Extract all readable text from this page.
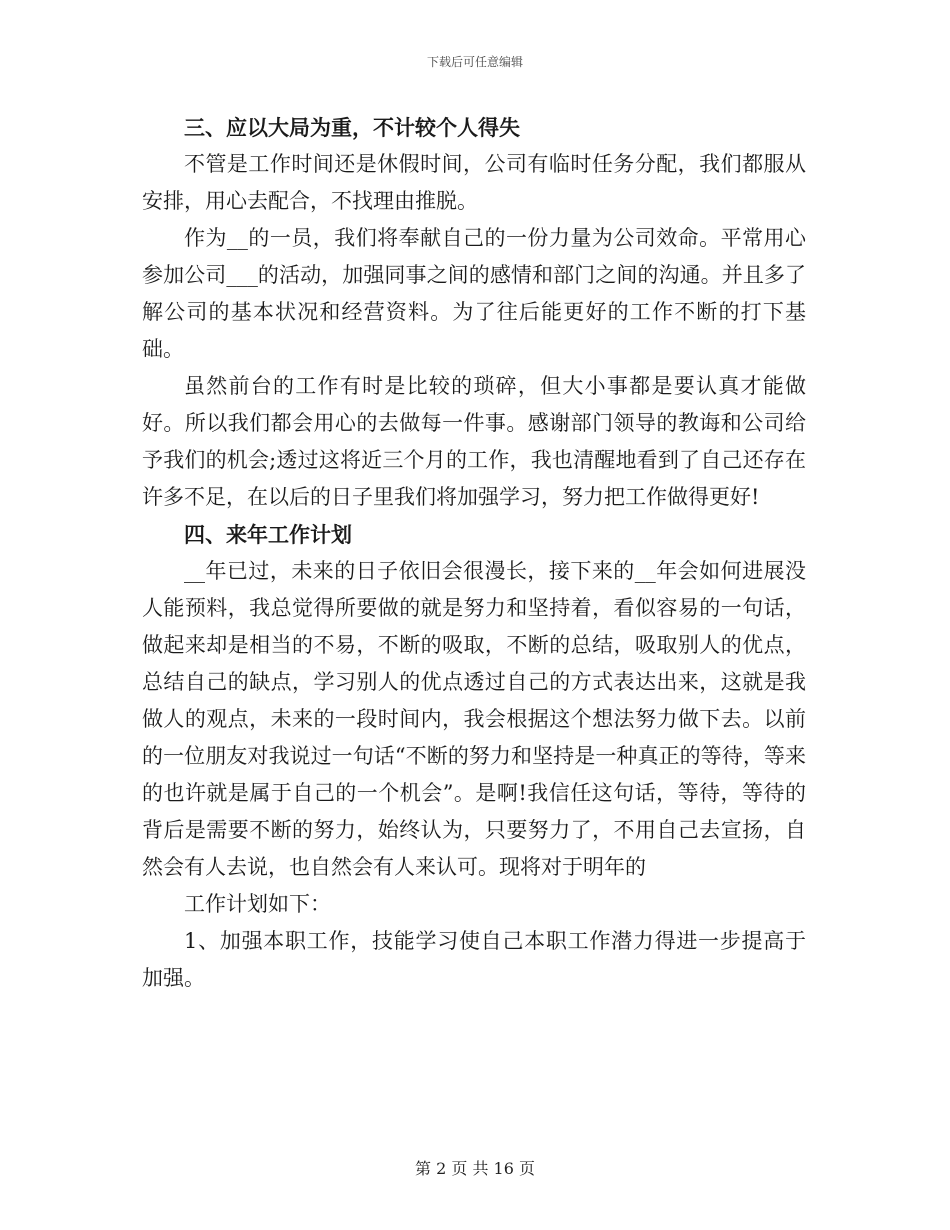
下载后可任意编辑

三、应以大局为重，不计较个人得失

不管是工作时间还是休假时间，公司有临时任务分配，我们都服从安排，用心去配合，不找理由推脱。

作为__的一员，我们将奉献自己的一份力量为公司效命。平常用心参加公司___的活动，加强同事之间的感情和部门之间的沟通。并且多了解公司的基本状况和经营资料。为了往后能更好的工作不断的打下基础。

虽然前台的工作有时是比较的琐碎，但大小事都是要认真才能做好。所以我们都会用心的去做每一件事。感谢部门领导的教诲和公司给予我们的机会;透过这将近三个月的工作，我也清醒地看到了自己还存在许多不足，在以后的日子里我们将加强学习，努力把工作做得更好!

四、来年工作计划

__年已过，未来的日子依旧会很漫长，接下来的__年会如何进展没人能预料，我总觉得所要做的就是努力和坚持着，看似容易的一句话，做起来却是相当的不易，不断的吸取，不断的总结，吸取别人的优点，总结自己的缺点，学习别人的优点透过自己的方式表达出来，这就是我做人的观点，未来的一段时间内，我会根据这个想法努力做下去。以前的一位朋友对我说过一句话“不断的努力和坚持是一种真正的等待，等来的也许就是属于自己的一个机会”。是啊!我信任这句话，等待，等待的背后是需要不断的努力，始终认为，只要努力了，不用自己去宣扬，自然会有人去说，也自然会有人来认可。现将对于明年的

工作计划如下：

1、加强本职工作，技能学习使自己本职工作潜力得进一步提高于加强。

第 2 页 共 16 页
